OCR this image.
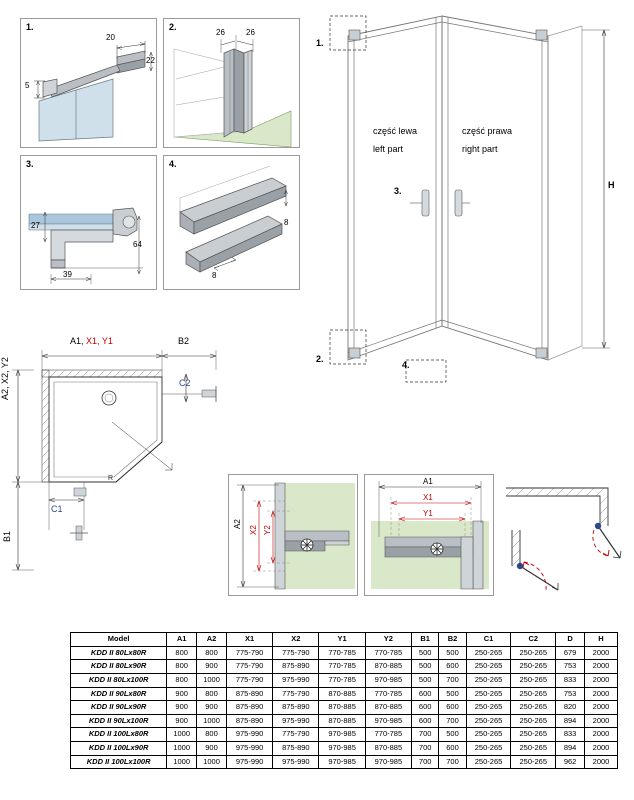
1.
20
22
5
2.
26	26
3.
27
39
64
4.
8
8
1.
2.
3.
4.
część lewa
left part
część prawa
right part
H
R
A1, X1, Y1	B2
A2, X2, Y2
B1
C1
C2
A2
X2 Y2
A1
X1
Y1
Model	A1	A2	X1	X2	Y1	Y2	B1	B2	C1	C2	D	H
KDD II 80Lx80R	800	800	775-790	775-790	770-785	770-785	500	500	250-265	250-265	679	2000
KDD II 80Lx90R	800	900	775-790	875-890	770-785	870-885	500	600	250-265	250-265	753	2000
KDD II 80Lx100R	800	1000	775-790	975-990	770-785	970-985	500	700	250-265	250-265	833	2000
KDD II 90Lx80R	900	800	875-890	775-790	870-885	770-785	600	500	250-265	250-265	753	2000
KDD II 90Lx90R	900	900	875-890	875-890	870-885	870-885	600	600	250-265	250-265	820	2000
KDD II 90Lx100R	900	1000	875-890	975-990	870-885	970-985	600	700	250-265	250-265	894	2000
KDD II 100Lx80R	1000	800	975-990	775-790	970-985	770-785	700	500	250-265	250-265	833	2000
KDD II 100Lx90R	1000	900	975-990	875-890	970-985	870-885	700	600	250-265	250-265	894	2000
KDD II 100Lx100R	1000	1000	975-990	975-990	970-985	970-985	700	700	250-265	250-265	962	2000
